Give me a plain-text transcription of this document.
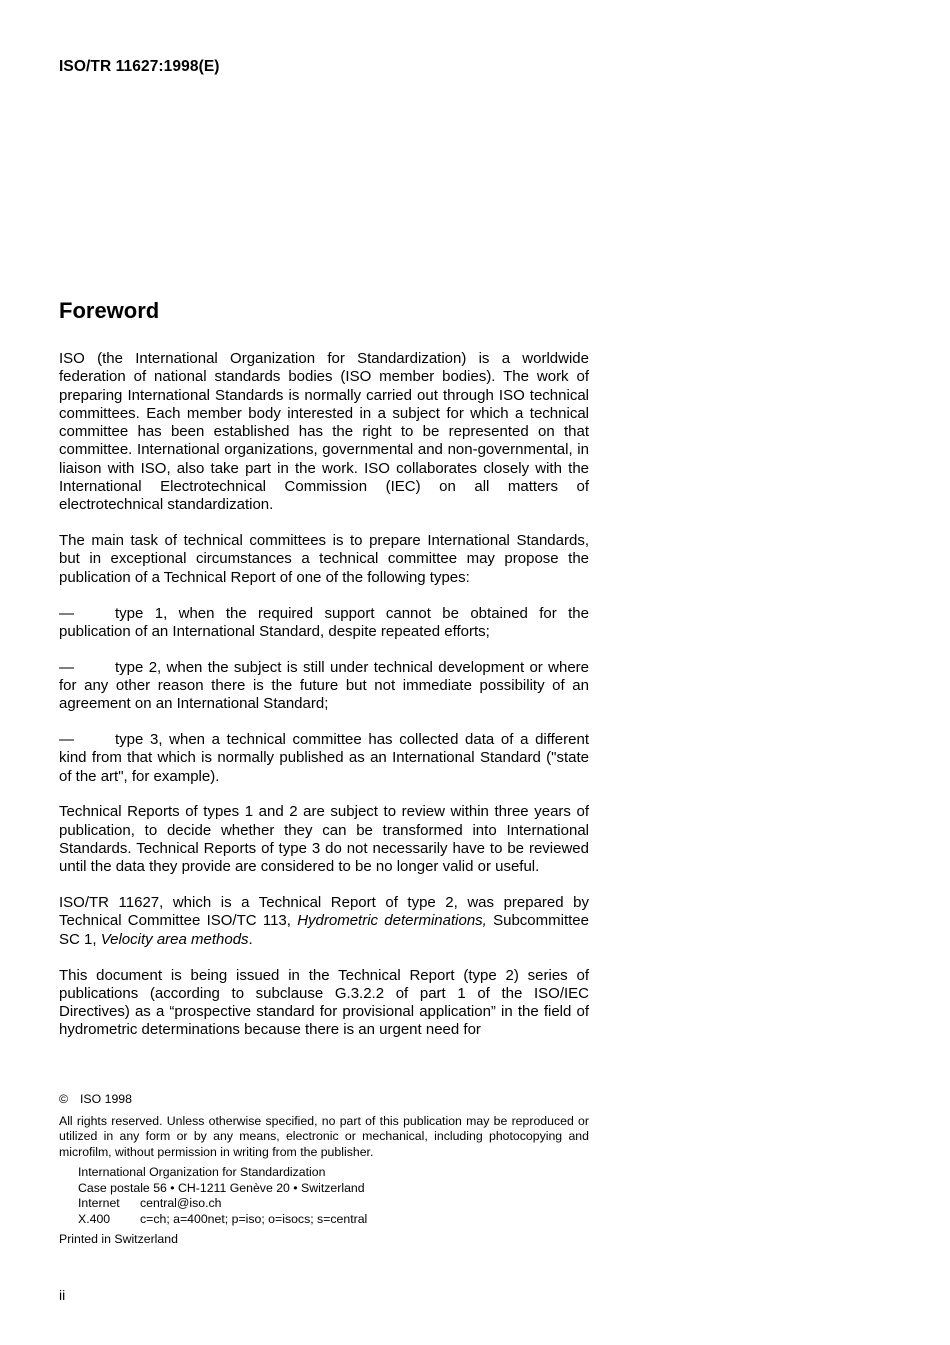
ISO/TR 11627:1998(E)
Foreword

ISO (the International Organization for Standardization) is a worldwide federation of national standards bodies (ISO member bodies). The work of preparing International Standards is normally carried out through ISO technical committees. Each member body interested in a subject for which a technical committee has been established has the right to be represented on that committee. International organizations, governmental and non-governmental, in liaison with ISO, also take part in the work. ISO collaborates closely with the International Electrotechnical Commission (IEC) on all matters of electrotechnical standardization.

The main task of technical committees is to prepare International Standards, but in exceptional circumstances a technical committee may propose the publication of a Technical Report of one of the following types:

—	type 1, when the required support cannot be obtained for the publication of an International Standard, despite repeated efforts;

—	type 2, when the subject is still under technical development or where for any other reason there is the future but not immediate possibility of an agreement on an International Standard;

—	type 3, when a technical committee has collected data of a different kind from that which is normally published as an International Standard ("state of the art", for example).

Technical Reports of types 1 and 2 are subject to review within three years of publication, to decide whether they can be transformed into International Standards. Technical Reports of type 3 do not necessarily have to be reviewed until the data they provide are considered to be no longer valid or useful.

ISO/TR 11627, which is a Technical Report of type 2, was prepared by Technical Committee ISO/TC 113, Hydrometric determinations, Subcommittee SC 1, Velocity area methods.

This document is being issued in the Technical Report (type 2) series of publications (according to subclause G.3.2.2 of part 1 of the ISO/IEC Directives) as a “prospective standard for provisional application” in the field of hydrometric determinations because there is an urgent need for

© ISO 1998

All rights reserved. Unless otherwise specified, no part of this publication may be reproduced or utilized in any form or by any means, electronic or mechanical, including photocopying and microfilm, without permission in writing from the publisher.

International Organization for Standardization
Case postale 56 • CH-1211 Genève 20 • Switzerland
Internet central@iso.ch
X.400 c=ch; a=400net; p=iso; o=isocs; s=central

Printed in Switzerland

ii
